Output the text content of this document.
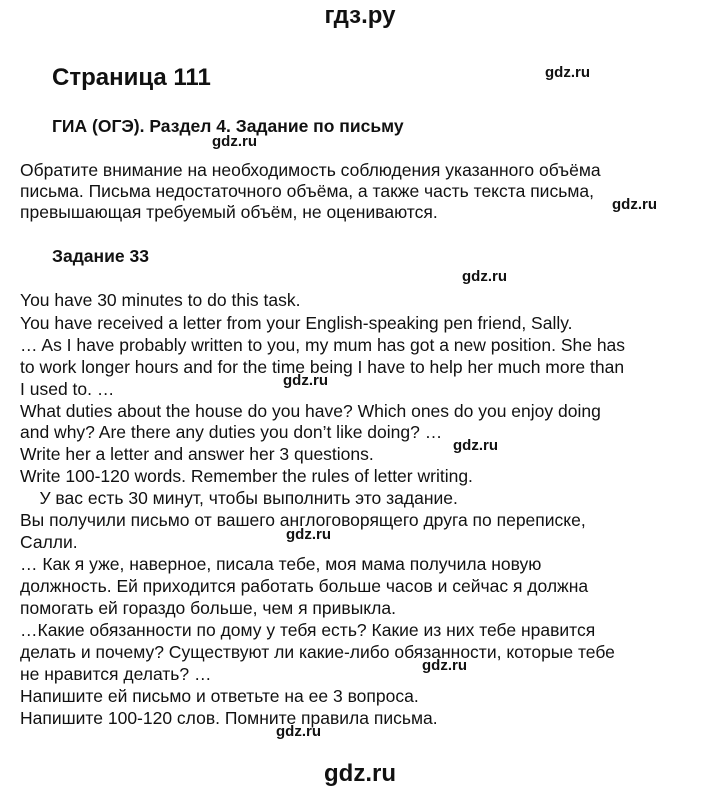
гдз.ру
Страница 111	gdz.ru
ГИА (ОГЭ). Раздел 4. Задание по письму
gdz.ru
Обратите внимание на необходимость соблюдения указанного объёма
письма. Письма недостаточного объёма, а также часть текста письма,
gdz.ru
превышающая требуемый объём, не оцениваются.
Задание 33
gdz.ru
You have 30 minutes to do this task.
You have received a letter from your English-speaking pen friend, Sally.
… As I have probably written to you, my mum has got a new position. She has
to work longer hours and for the time being I have to help her much more than
gdz.ru
I used to. …
What duties about the house do you have? Which ones do you enjoy doing
and why? Are there any duties you don’t like doing? …
gdz.ru
Write her a letter and answer her 3 questions.
Write 100-120 words. Remember the rules of letter writing.
У вас есть 30 минут, чтобы выполнить это задание.
Вы получили письмо от вашего англоговорящего друга по переписке,
gdz.ru
Салли.
… Как я уже, наверное, писала тебе, моя мама получила новую
должность. Ей приходится работать больше часов и сейчас я должна
помогать ей гораздо больше, чем я привыкла.
…Какие обязанности по дому у тебя есть? Какие из них тебе нравится
делать и почему? Существуют ли какие-либо обязанности, которые тебе
gdz.ru
не нравится делать? …
Напишите ей письмо и ответьте на ее 3 вопроса.
Напишите 100-120 слов. Помните правила письма.
gdz.ru
gdz.ru
